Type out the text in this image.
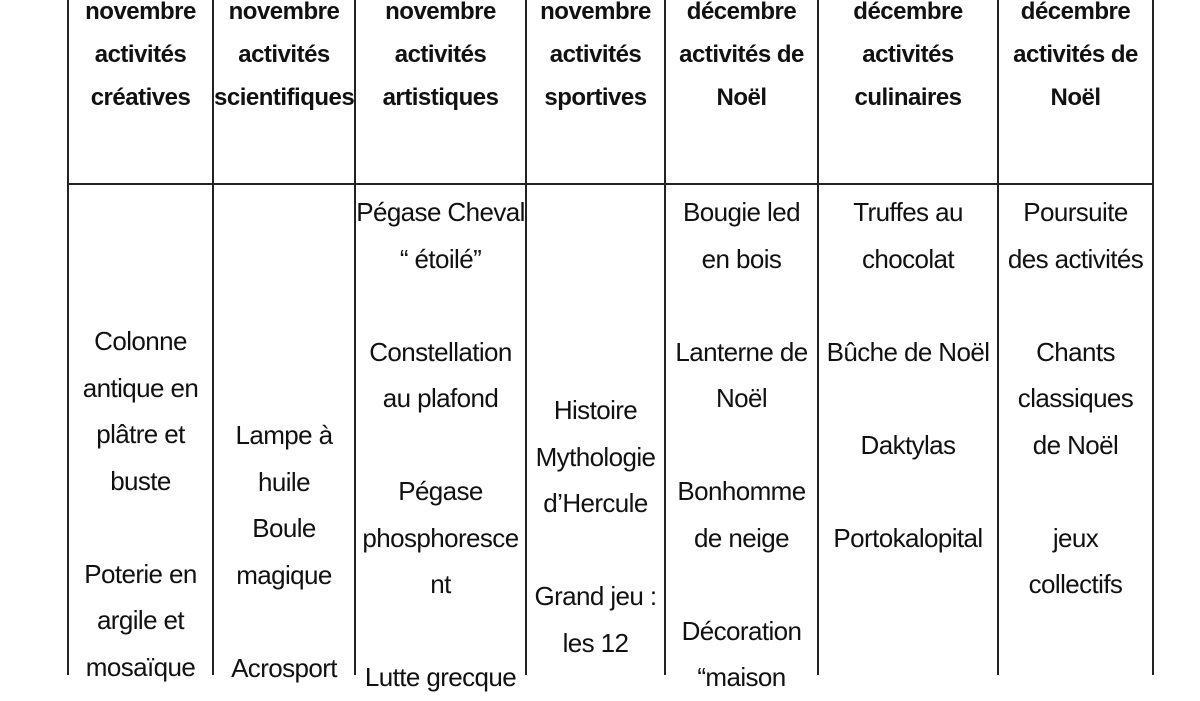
novembre
activités
créatives
novembre
activités
scientifiques
novembre
activités
artistiques
novembre
activités
sportives
décembre
activités de
Noël
décembre
activités
culinaires
décembre
activités de
Noël
Colonne
antique en
plâtre et
buste
Poterie en
argile et
mosaïque
Lampe à
huile
Boule
magique
Acrosport
Pégase Cheval
“ étoilé”
Constellation
au plafond
Pégase
phosphoresce
nt
Lutte grecque
Histoire
Mythologie
d’Hercule
Grand jeu :
les 12
Bougie led
en bois
Lanterne de
Noël
Bonhomme
de neige
Décoration
“maison
Truffes au
chocolat
Bûche de Noël
Daktylas
Portokalopital
Poursuite
des activités
Chants
classiques
de Noël
jeux
collectifs
